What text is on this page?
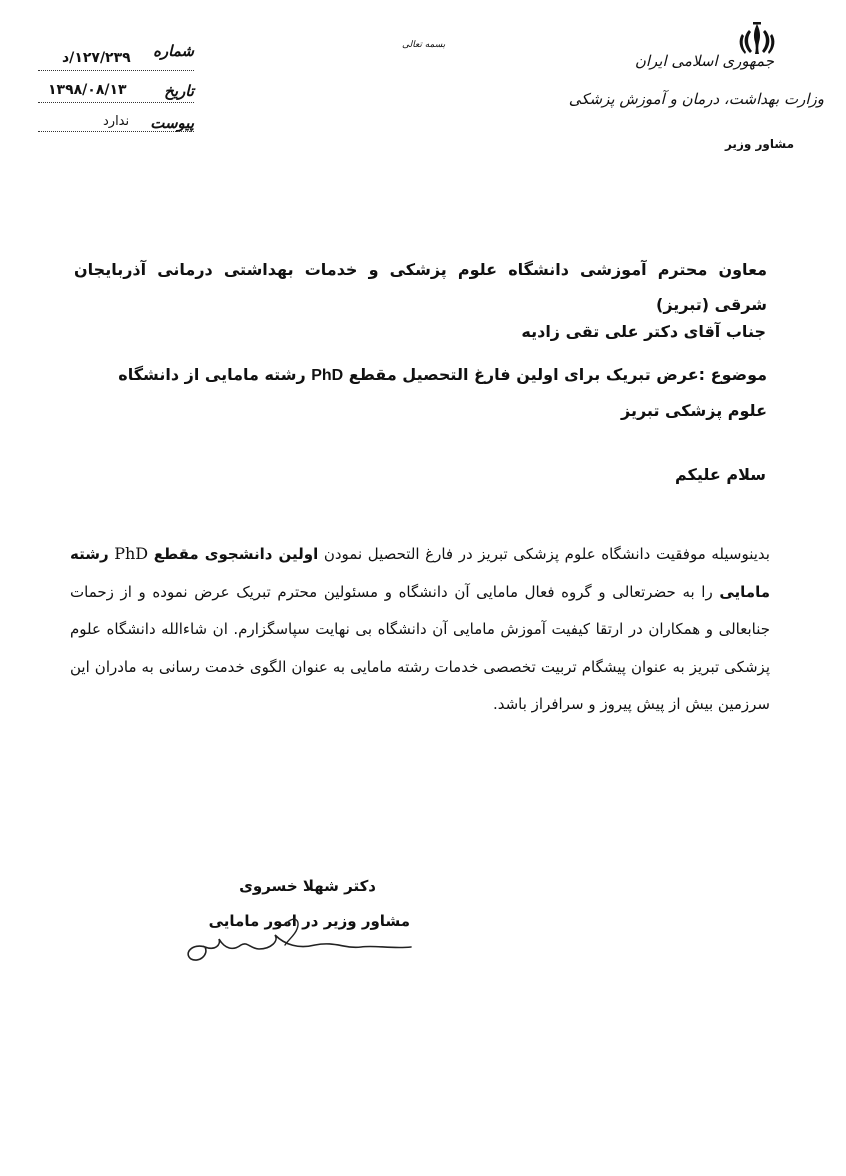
جمهوری اسلامی ایران
وزارت بهداشت، درمان و آموزش پزشکی
مشاور وزیر
بسمه تعالی
شماره
۱۲۷/۲۳۹/د
تاریخ
۱۳۹۸/۰۸/۱۳
پیوست
ندارد
معاون محترم آموزشی دانشگاه علوم پزشکی و خدمات بهداشتی درمانی آذربایجان شرقی (تبریز)
جناب آقای دکتر علی تقی زادیه
موضوع :عرض تبریک برای اولین فارغ التحصیل مقطع PhD رشته مامایی از دانشگاه علوم پزشکی تبریز
سلام علیکم
بدینوسیله موفقیت دانشگاه علوم پزشکی تبریز در فارغ التحصیل نمودن اولین دانشجوی مقطع PhD رشته مامایی را به حضرتعالی و گروه فعال مامایی آن دانشگاه و مسئولین محترم تبریک عرض نموده و از زحمات جنابعالی و همکاران در ارتقا کیفیت آموزش مامایی آن دانشگاه بی نهایت سپاسگزارم. ان شاءالله دانشگاه علوم پزشکی تبریز به عنوان پیشگام تربیت تخصصی خدمات رشته مامایی به عنوان الگوی خدمت رسانی به مادران این سرزمین بیش از پیش پیروز و سرافراز باشد.
دکتر شهلا خسروی
مشاور وزیر در امور مامایی
